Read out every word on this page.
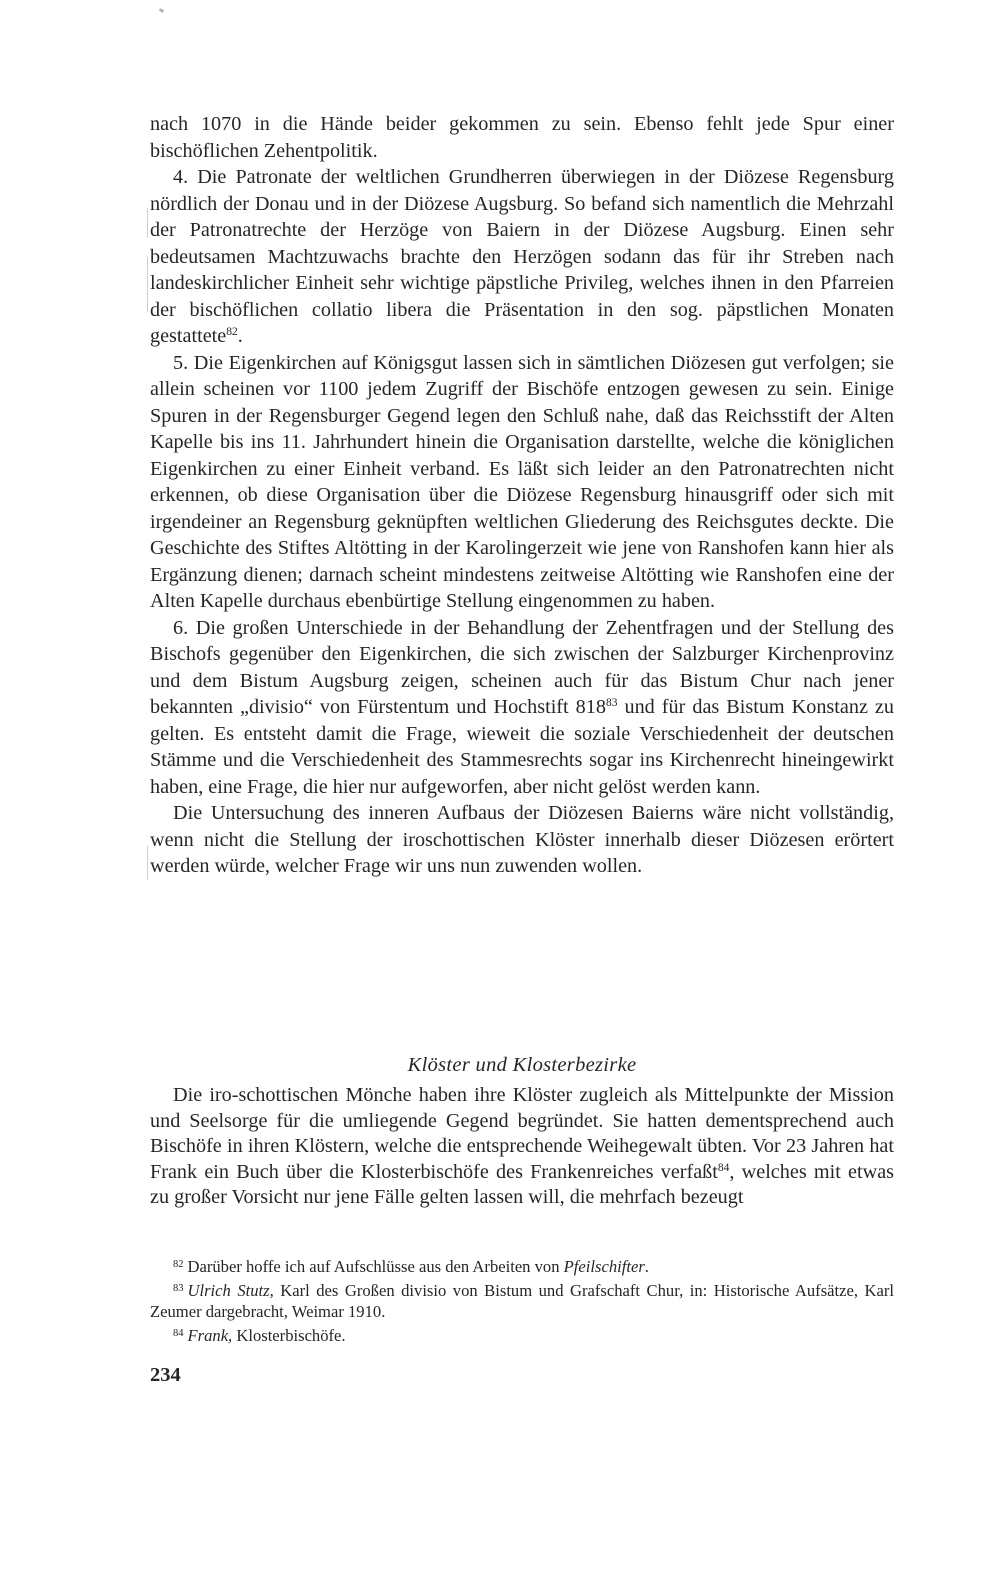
nach 1070 in die Hände beider gekommen zu sein. Ebenso fehlt jede Spur einer bischöflichen Zehentpolitik.

4. Die Patronate der weltlichen Grundherren überwiegen in der Diözese Regensburg nördlich der Donau und in der Diözese Augsburg. So befand sich namentlich die Mehrzahl der Patronatrechte der Herzöge von Baiern in der Diözese Augsburg. Einen sehr bedeutsamen Machtzuwachs brachte den Herzögen sodann das für ihr Streben nach landeskirchlicher Einheit sehr wichtige päpstliche Privileg, welches ihnen in den Pfarreien der bischöflichen collatio libera die Präsentation in den sog. päpstlichen Monaten gestattete$^{82}$.

5. Die Eigenkirchen auf Königsgut lassen sich in sämtlichen Diözesen gut verfolgen; sie allein scheinen vor 1100 jedem Zugriff der Bischöfe entzogen gewesen zu sein. Einige Spuren in der Regensburger Gegend legen den Schluß nahe, daß das Reichsstift der Alten Kapelle bis ins 11. Jahrhundert hinein die Organisation darstellte, welche die königlichen Eigenkirchen zu einer Einheit verband. Es läßt sich leider an den Patronatrechten nicht erkennen, ob diese Organisation über die Diözese Regensburg hinausgriff oder sich mit irgendeiner an Regensburg geknüpften weltlichen Gliederung des Reichsgutes deckte. Die Geschichte des Stiftes Altötting in der Karolingerzeit wie jene von Ranshofen kann hier als Ergänzung dienen; darnach scheint mindestens zeitweise Altötting wie Ranshofen eine der Alten Kapelle durchaus ebenbürtige Stellung eingenommen zu haben.

6. Die großen Unterschiede in der Behandlung der Zehentfragen und der Stellung des Bischofs gegenüber den Eigenkirchen, die sich zwischen der Salzburger Kirchenprovinz und dem Bistum Augsburg zeigen, scheinen auch für das Bistum Chur nach jener bekannten „divisio“ von Fürstentum und Hochstift 818$^{83}$ und für das Bistum Konstanz zu gelten. Es entsteht damit die Frage, wieweit die soziale Verschiedenheit der deutschen Stämme und die Verschiedenheit des Stammesrechts sogar ins Kirchenrecht hineingewirkt haben, eine Frage, die hier nur aufgeworfen, aber nicht gelöst werden kann.

Die Untersuchung des inneren Aufbaus der Diözesen Baierns wäre nicht vollständig, wenn nicht die Stellung der iroschottischen Klöster innerhalb dieser Diözesen erörtert werden würde, welcher Frage wir uns nun zuwenden wollen.

Klöster und Klosterbezirke

Die iro-schottischen Mönche haben ihre Klöster zugleich als Mittelpunkte der Mission und Seelsorge für die umliegende Gegend begründet. Sie hatten dementsprechend auch Bischöfe in ihren Klöstern, welche die entsprechende Weihegewalt übten. Vor 23 Jahren hat Frank ein Buch über die Klosterbischöfe des Frankenreiches verfaßt$^{84}$, welches mit etwas zu großer Vorsicht nur jene Fälle gelten lassen will, die mehrfach bezeugt

$^{82}$ Darüber hoffe ich auf Aufschlüsse aus den Arbeiten von Pfeilschifter.

$^{83}$ Ulrich Stutz, Karl des Großen divisio von Bistum und Grafschaft Chur, in: Historische Aufsätze, Karl Zeumer dargebracht, Weimar 1910.

$^{84}$ Frank, Klosterbischöfe.

234
